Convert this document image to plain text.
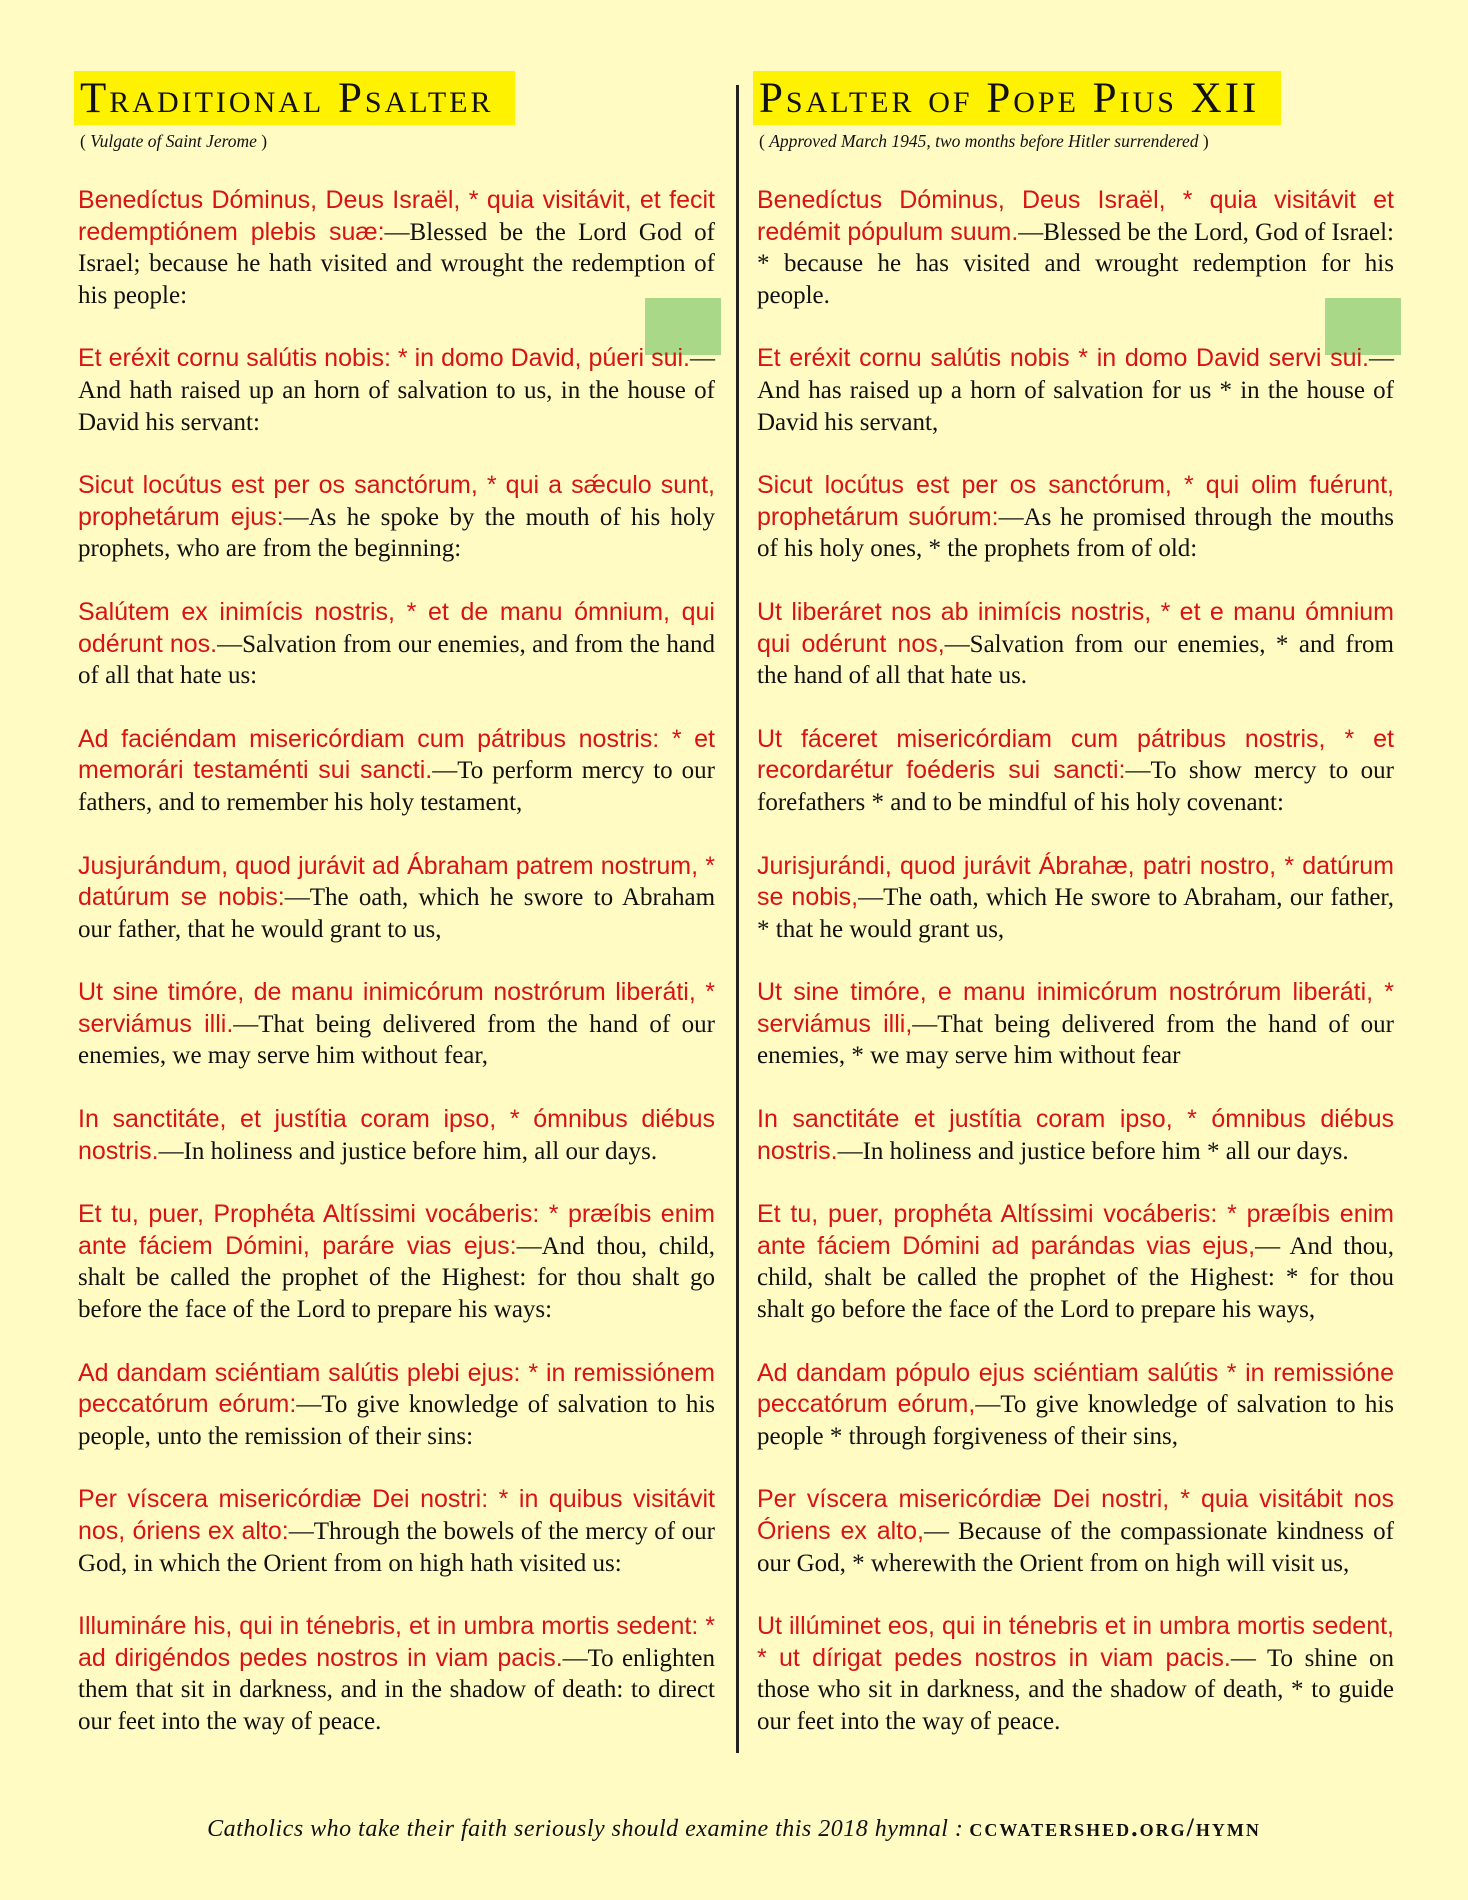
Traditional Psalter
( Vulgate of Saint Jerome )

Benedíctus Dóminus, Deus Israël, * quia visitávit, et fecit redemptiónem plebis suæ:—Blessed be the Lord God of Israel; because he hath visited and wrought the redemption of his people:

Et eréxit cornu salútis nobis: * in domo David, púeri sui.—And hath raised up an horn of salvation to us, in the house of David his servant:

Sicut locútus est per os sanctórum, * qui a sǽculo sunt, prophetárum ejus:—As he spoke by the mouth of his holy prophets, who are from the beginning:

Salútem ex inimícis nostris, * et de manu ómnium, qui odérunt nos.—Salvation from our enemies, and from the hand of all that hate us:

Ad faciéndam misericórdiam cum pátribus nostris: * et memorári testaménti sui sancti.—To perform mercy to our fathers, and to remember his holy testament,

Jusjurándum, quod jurávit ad Ábraham patrem nostrum, * datúrum se nobis:—The oath, which he swore to Abraham our father, that he would grant to us,

Ut sine timóre, de manu inimicórum nostrórum liberáti, * serviámus illi.—That being delivered from the hand of our enemies, we may serve him without fear,

In sanctitáte, et justítia coram ipso, * ómnibus diébus nostris.—In holiness and justice before him, all our days.

Et tu, puer, Prophéta Altíssimi vocáberis: * præíbis enim ante fáciem Dómini, paráre vias ejus:—And thou, child, shalt be called the prophet of the Highest: for thou shalt go before the face of the Lord to prepare his ways:

Ad dandam sciéntiam salútis plebi ejus: * in remissiónem peccatórum eórum:—To give knowledge of salvation to his people, unto the remission of their sins:

Per víscera misericórdiæ Dei nostri: * in quibus visitávit nos, óriens ex alto:—Through the bowels of the mercy of our God, in which the Orient from on high hath visited us:

Illumináre his, qui in ténebris, et in umbra mortis sedent: * ad dirigéndos pedes nostros in viam pacis.—To enlighten them that sit in darkness, and in the shadow of death: to direct our feet into the way of peace.

Psalter of Pope Pius XII
( Approved March 1945, two months before Hitler surrendered )

Benedíctus Dóminus, Deus Israël, * quia visitávit et redémit pópulum suum.—Blessed be the Lord, God of Israel: * because he has visited and wrought redemption for his people.

Et eréxit cornu salútis nobis * in domo David servi sui.— And has raised up a horn of salvation for us * in the house of David his servant,

Sicut locútus est per os sanctórum, * qui olim fuérunt, prophetárum suórum:—As he promised through the mouths of his holy ones, * the prophets from of old:

Ut liberáret nos ab inimícis nostris, * et e manu ómnium qui odérunt nos,—Salvation from our enemies, * and from the hand of all that hate us.

Ut fáceret misericórdiam cum pátribus nostris, * et recordarétur foéderis sui sancti:—To show mercy to our forefathers * and to be mindful of his holy covenant:

Jurisjurándi, quod jurávit Ábrahæ, patri nostro, * datúrum se nobis,—The oath, which He swore to Abraham, our father, * that he would grant us,

Ut sine timóre, e manu inimicórum nostrórum liberáti, * serviámus illi,—That being delivered from the hand of our enemies, * we may serve him without fear

In sanctitáte et justítia coram ipso, * ómnibus diébus nostris.—In holiness and justice before him * all our days.

Et tu, puer, prophéta Altíssimi vocáberis: * præíbis enim ante fáciem Dómini ad parándas vias ejus,— And thou, child, shalt be called the prophet of the Highest: * for thou shalt go before the face of the Lord to prepare his ways,

Ad dandam pópulo ejus sciéntiam salútis * in remissióne peccatórum eórum,—To give knowledge of salvation to his people * through forgiveness of their sins,

Per víscera misericórdiæ Dei nostri, * quia visitábit nos Óriens ex alto,— Because of the compassionate kindness of our God, * wherewith the Orient from on high will visit us,

Ut illúminet eos, qui in ténebris et in umbra mortis sedent, * ut dírigat pedes nostros in viam pacis.— To shine on those who sit in darkness, and the shadow of death, * to guide our feet into the way of peace.

Catholics who take their faith seriously should examine this 2018 hymnal : ccwatershed.org/hymn
